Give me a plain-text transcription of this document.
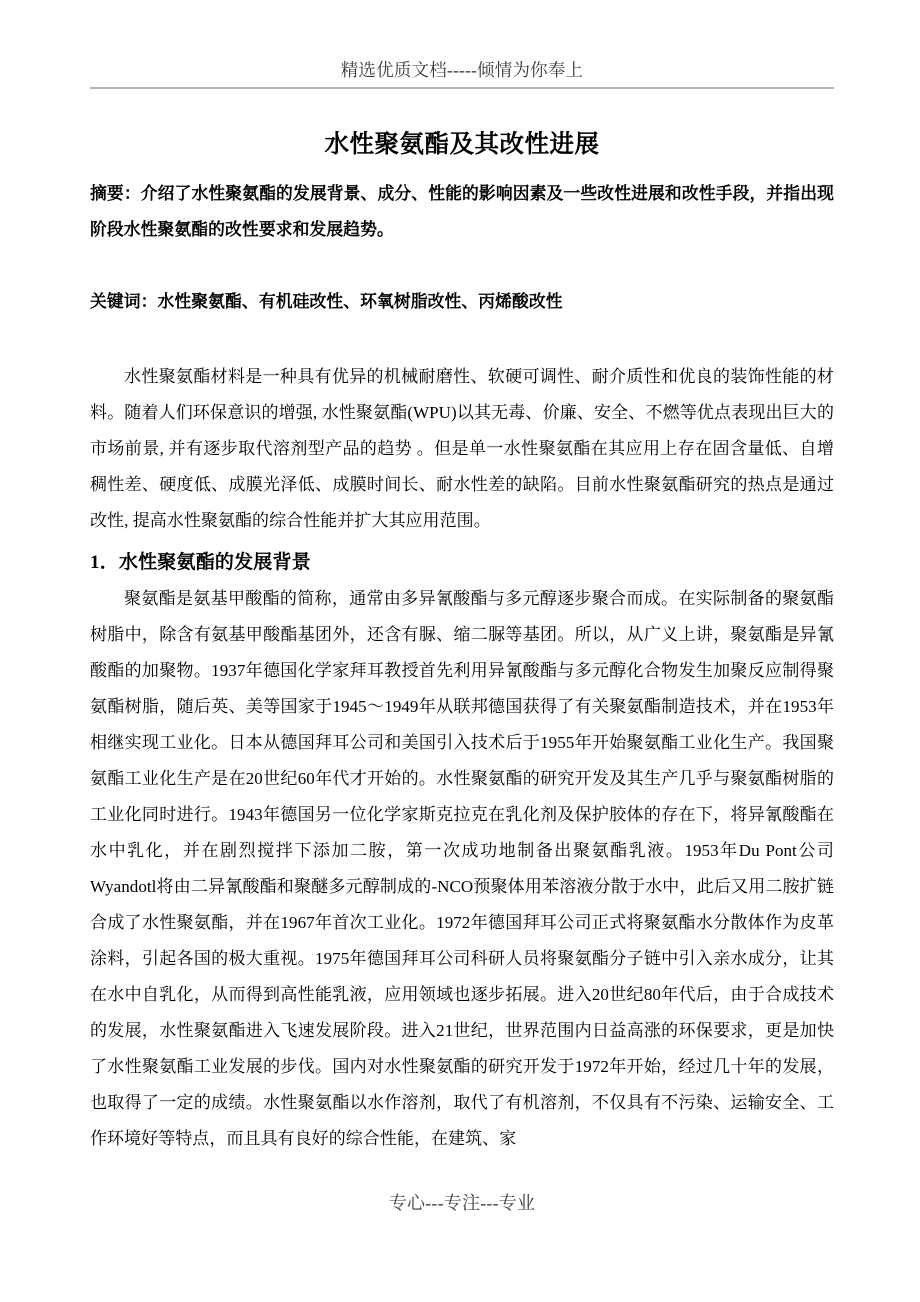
精选优质文档-----倾情为你奉上
水性聚氨酯及其改性进展
摘要：介绍了水性聚氨酯的发展背景、成分、性能的影响因素及一些改性进展和改性手段，并指出现阶段水性聚氨酯的改性要求和发展趋势。
关键词：水性聚氨酯、有机硅改性、环氧树脂改性、丙烯酸改性
水性聚氨酯材料是一种具有优异的机械耐磨性、软硬可调性、耐介质性和优良的装饰性能的材料。随着人们环保意识的增强, 水性聚氨酯(WPU)以其无毒、价廉、安全、不燃等优点表现出巨大的市场前景, 并有逐步取代溶剂型产品的趋势 。但是单一水性聚氨酯在其应用上存在固含量低、自增稠性差、硬度低、成膜光泽低、成膜时间长、耐水性差的缺陷。目前水性聚氨酯研究的热点是通过改性, 提高水性聚氨酯的综合性能并扩大其应用范围。
1．水性聚氨酯的发展背景
聚氨酯是氨基甲酸酯的简称，通常由多异氰酸酯与多元醇逐步聚合而成。在实际制备的聚氨酯树脂中，除含有氨基甲酸酯基团外，还含有脲、缩二脲等基团。所以，从广义上讲，聚氨酯是异氰酸酯的加聚物。1937年德国化学家拜耳教授首先利用异氰酸酯与多元醇化合物发生加聚反应制得聚氨酯树脂，随后英、美等国家于1945～1949年从联邦德国获得了有关聚氨酯制造技术，并在1953年相继实现工业化。日本从德国拜耳公司和美国引入技术后于1955年开始聚氨酯工业化生产。我国聚氨酯工业化生产是在20世纪60年代才开始的。水性聚氨酯的研究开发及其生产几乎与聚氨酯树脂的工业化同时进行。1943年德国另一位化学家斯克拉克在乳化剂及保护胶体的存在下，将异氰酸酯在水中乳化，并在剧烈搅拌下添加二胺，第一次成功地制备出聚氨酯乳液。1953年Du Pont公司Wyandotl将由二异氰酸酯和聚醚多元醇制成的-NCO预聚体用苯溶液分散于水中，此后又用二胺扩链合成了水性聚氨酯，并在1967年首次工业化。1972年德国拜耳公司正式将聚氨酯水分散体作为皮革涂料，引起各国的极大重视。1975年德国拜耳公司科研人员将聚氨酯分子链中引入亲水成分，让其在水中自乳化，从而得到高性能乳液，应用领域也逐步拓展。进入20世纪80年代后，由于合成技术的发展，水性聚氨酯进入飞速发展阶段。进入21世纪，世界范围内日益高涨的环保要求，更是加快了水性聚氨酯工业发展的步伐。国内对水性聚氨酯的研究开发于1972年开始，经过几十年的发展，也取得了一定的成绩。水性聚氨酯以水作溶剂，取代了有机溶剂，不仅具有不污染、运输安全、工作环境好等特点，而且具有良好的综合性能，在建筑、家
专心---专注---专业
